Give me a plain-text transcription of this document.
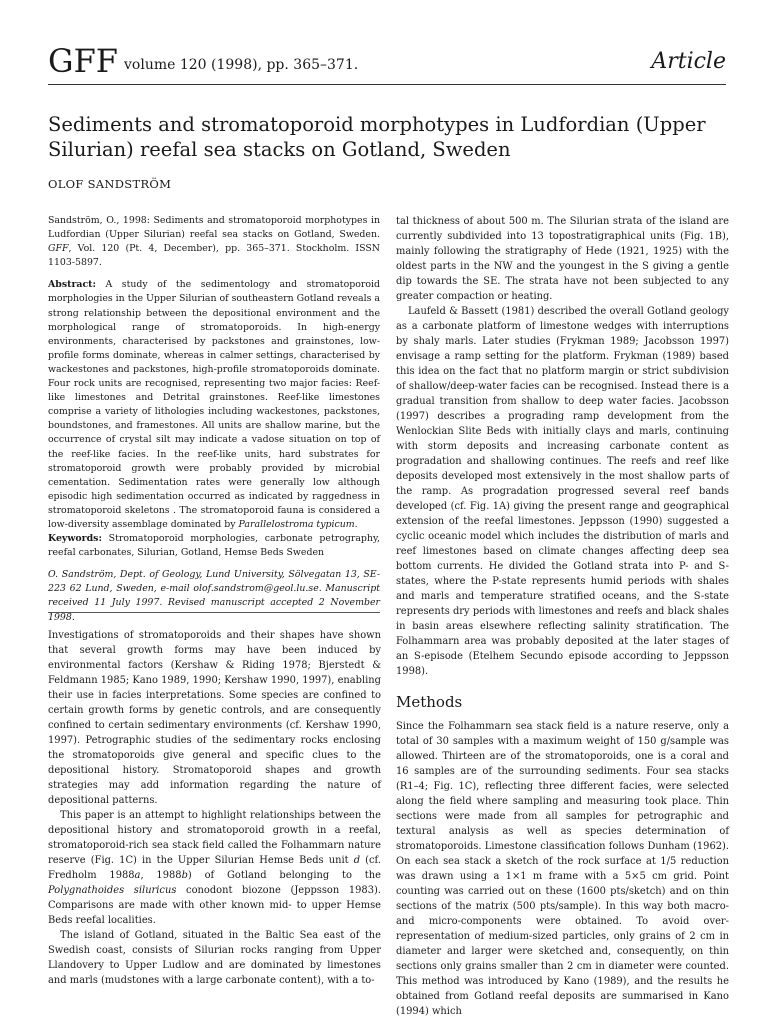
GFF volume 120 (1998), pp. 365–371.	Article
Sediments and stromatoporoid morphotypes in Ludfordian (Upper Silurian) reefal sea stacks on Gotland, Sweden
OLOF SANDSTRÖM

Sandström, O., 1998: Sediments and stromatoporoid morphotypes in Ludfordian (Upper Silurian) reefal sea stacks on Gotland, Sweden. GFF, Vol. 120 (Pt. 4, December), pp. 365–371. Stockholm. ISSN 1103-5897.

Abstract: A study of the sedimentology and stromatoporoid morphologies in the Upper Silurian of southeastern Gotland reveals a strong relationship between the depositional environment and the morphological range of stromatoporoids. In high-energy environments, characterised by packstones and grainstones, low-profile forms dominate, whereas in calmer settings, characterised by wackestones and packstones, high-profile stromatoporoids dominate. Four rock units are recognised, representing two major facies: Reef-like limestones and Detrital grainstones. Reef-like limestones comprise a variety of lithologies including wackestones, packstones, boundstones, and framestones. All units are shallow marine, but the occurrence of crystal silt may indicate a vadose situation on top of the reef-like facies. In the reef-like units, hard substrates for stromatoporoid growth were probably provided by microbial cementation. Sedimentation rates were generally low although episodic high sedimentation occurred as indicated by raggedness in stromatoporoid skeletons . The stromatoporoid fauna is considered a low-diversity assemblage dominated by Parallelostroma typicum.

Keywords: Stromatoporoid morphologies, carbonate petrography, reefal carbonates, Silurian, Gotland, Hemse Beds Sweden

O. Sandström, Dept. of Geology, Lund University, Sölvegatan 13, SE-223 62 Lund, Sweden, e-mail olof.sandstrom@geol.lu.se. Manuscript received 11 July 1997. Revised manuscript accepted 2 November 1998.

Investigations of stromatoporoids and their shapes have shown that several growth forms may have been induced by environmental factors (Kershaw & Riding 1978; Bjerstedt & Feldmann 1985; Kano 1989, 1990; Kershaw 1990, 1997), enabling their use in facies interpretations. Some species are confined to certain growth forms by genetic controls, and are consequently confined to certain sedimentary environments (cf. Kershaw 1990, 1997). Petrographic studies of the sedimentary rocks enclosing the stromatoporoids give general and specific clues to the depositional history. Stromatoporoid shapes and growth strategies may add information regarding the nature of depositional patterns.

This paper is an attempt to highlight relationships between the depositional history and stromatoporoid growth in a reefal, stromatoporoid-rich sea stack field called the Folhammarn nature reserve (Fig. 1C) in the Upper Silurian Hemse Beds unit d (cf. Fredholm 1988a, 1988b) of Gotland belonging to the Polygnathoides siluricus conodont biozone (Jeppsson 1983). Comparisons are made with other known mid- to upper Hemse Beds reefal localities.

The island of Gotland, situated in the Baltic Sea east of the Swedish coast, consists of Silurian rocks ranging from Upper Llandovery to Upper Ludlow and are dominated by limestones and marls (mudstones with a large carbonate content), with a to-

tal thickness of about 500 m. The Silurian strata of the island are currently subdivided into 13 topostratigraphical units (Fig. 1B), mainly following the stratigraphy of Hede (1921, 1925) with the oldest parts in the NW and the youngest in the S giving a gentle dip towards the SE. The strata have not been subjected to any greater compaction or heating.

Laufeld & Bassett (1981) described the overall Gotland geology as a carbonate platform of limestone wedges with interruptions by shaly marls. Later studies (Frykman 1989; Jacobsson 1997) envisage a ramp setting for the platform. Frykman (1989) based this idea on the fact that no platform margin or strict subdivision of shallow/deep-water facies can be recognised. Instead there is a gradual transition from shallow to deep water facies. Jacobsson (1997) describes a prograding ramp development from the Wenlockian Slite Beds with initially clays and marls, continuing with storm deposits and increasing carbonate content as progradation and shallowing continues. The reefs and reef like deposits developed most extensively in the most shallow parts of the ramp. As progradation progressed several reef bands developed (cf. Fig. 1A) giving the present range and geographical extension of the reefal limestones. Jeppsson (1990) suggested a cyclic oceanic model which includes the distribution of marls and reef limestones based on climate changes affecting deep sea bottom currents. He divided the Gotland strata into P- and S- states, where the P-state represents humid periods with shales and marls and temperature stratified oceans, and the S-state represents dry periods with limestones and reefs and black shales in basin areas elsewhere reflecting salinity stratification. The Folhammarn area was probably deposited at the later stages of an S-episode (Etelhem Secundo episode according to Jeppsson 1998).

Methods

Since the Folhammarn sea stack field is a nature reserve, only a total of 30 samples with a maximum weight of 150 g/sample was allowed. Thirteen are of the stromatoporoids, one is a coral and 16 samples are of the surrounding sediments. Four sea stacks (R1–4; Fig. 1C), reflecting three different facies, were selected along the field where sampling and measuring took place. Thin sections were made from all samples for petrographic and textural analysis as well as species determination of stromatoporoids. Limestone classification follows Dunham (1962). On each sea stack a sketch of the rock surface at 1/5 reduction was drawn using a 1×1 m frame with a 5×5 cm grid. Point counting was carried out on these (1600 pts/sketch) and on thin sections of the matrix (500 pts/sample). In this way both macro- and micro-components were obtained. To avoid over-representation of medium-sized particles, only grains of 2 cm in diameter and larger were sketched and, consequently, on thin sections only grains smaller than 2 cm in diameter were counted. This method was introduced by Kano (1989), and the results he obtained from Gotland reefal deposits are summarised in Kano (1994) which
